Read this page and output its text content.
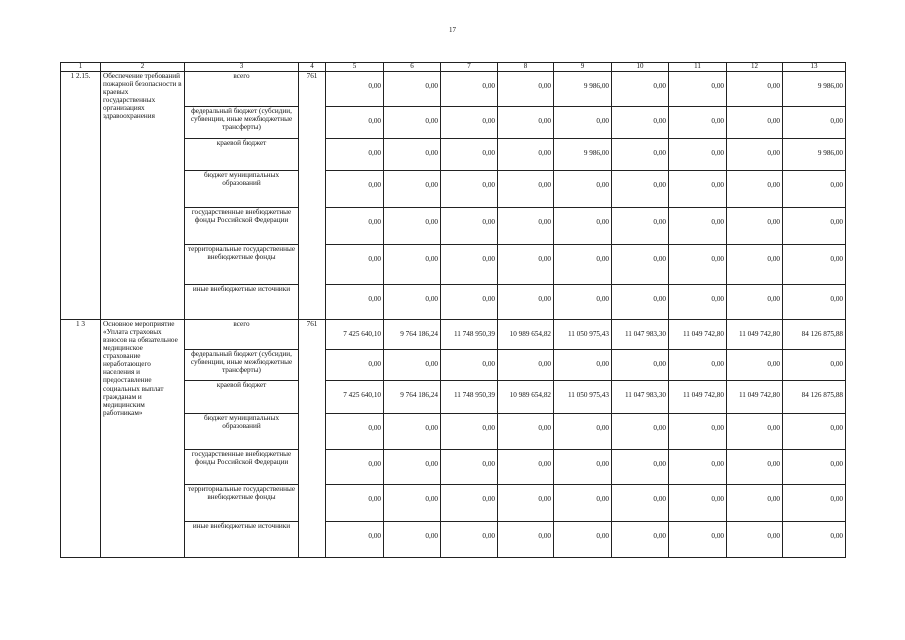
17
1	2	3	4	5	6	7	8	9	10	11	12	13
1 2.15.	Обеспечение требований пожарной безопасности в краевых государственных организациях здравоохранения	всего	761	0,00	0,00	0,00	0,00	9 986,00	0,00	0,00	0,00	9 986,00
		федеральный бюджет (субсидии, субвенции, иные межбюджетные трансферты)		0,00	0,00	0,00	0,00	0,00	0,00	0,00	0,00	0,00
		краевой бюджет		0,00	0,00	0,00	0,00	9 986,00	0,00	0,00	0,00	9 986,00
		бюджет муниципальных образований		0,00	0,00	0,00	0,00	0,00	0,00	0,00	0,00	0,00
		государственные внебюджетные фонды Российской Федерации		0,00	0,00	0,00	0,00	0,00	0,00	0,00	0,00	0,00
		территориальные государственные внебюджетные фонды		0,00	0,00	0,00	0,00	0,00	0,00	0,00	0,00	0,00
		иные внебюджетные источники		0,00	0,00	0,00	0,00	0,00	0,00	0,00	0,00	0,00
1 3	Основное мероприятие «Уплата страховых взносов на обязательное медицинское страхование неработающего населения и предоставление социальных выплат гражданам и медицинским работникам»	всего	761	7 425 640,10	9 764 186,24	11 748 950,39	10 989 654,82	11 050 975,43	11 047 983,30	11 049 742,80	11 049 742,80	84 126 875,88
		федеральный бюджет (субсидии, субвенции, иные межбюджетные трансферты)		0,00	0,00	0,00	0,00	0,00	0,00	0,00	0,00	0,00
		краевой бюджет		7 425 640,10	9 764 186,24	11 748 950,39	10 989 654,82	11 050 975,43	11 047 983,30	11 049 742,80	11 049 742,80	84 126 875,88
		бюджет муниципальных образований		0,00	0,00	0,00	0,00	0,00	0,00	0,00	0,00	0,00
		государственные внебюджетные фонды Российской Федерации		0,00	0,00	0,00	0,00	0,00	0,00	0,00	0,00	0,00
		территориальные государственные внебюджетные фонды		0,00	0,00	0,00	0,00	0,00	0,00	0,00	0,00	0,00
		иные внебюджетные источники		0,00	0,00	0,00	0,00	0,00	0,00	0,00	0,00	0,00
